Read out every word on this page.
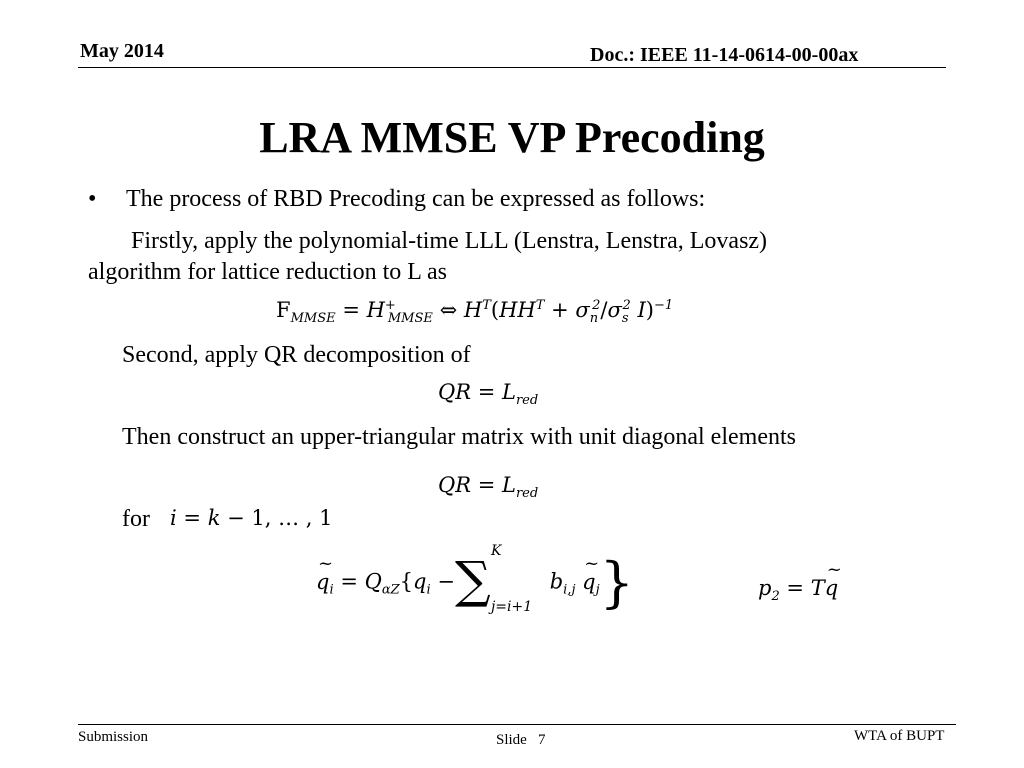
May 2014	Doc.: IEEE 11-14-0614-00-00ax
LRA MMSE VP Precoding
• The process of RBD Precoding can be expressed as follows:
Firstly, apply the polynomial-time LLL (Lenstra, Lenstra, Lovasz)
algorithm for lattice reduction to L as
$F_{MMSE} = H^+_{MMSE}$ ⇔ $H^T(HH^T + \sigma_n^2/\sigma_s^2$ I)$^{-1}$
Second, apply QR decomposition of
QR = $L_{red}$
Then construct an upper-triangular matrix with unit diagonal elements
QR = $L_{red}$
for i = k − 1, … , 1
~ $q_i = Q_{\alpha Z}\{q_i$ − ∑ K
j=i+1
$b_{i,j}$ ~ $q_j$}	$p_2$ = T~ q
Submission	Slide 7	WTA of BUPT
